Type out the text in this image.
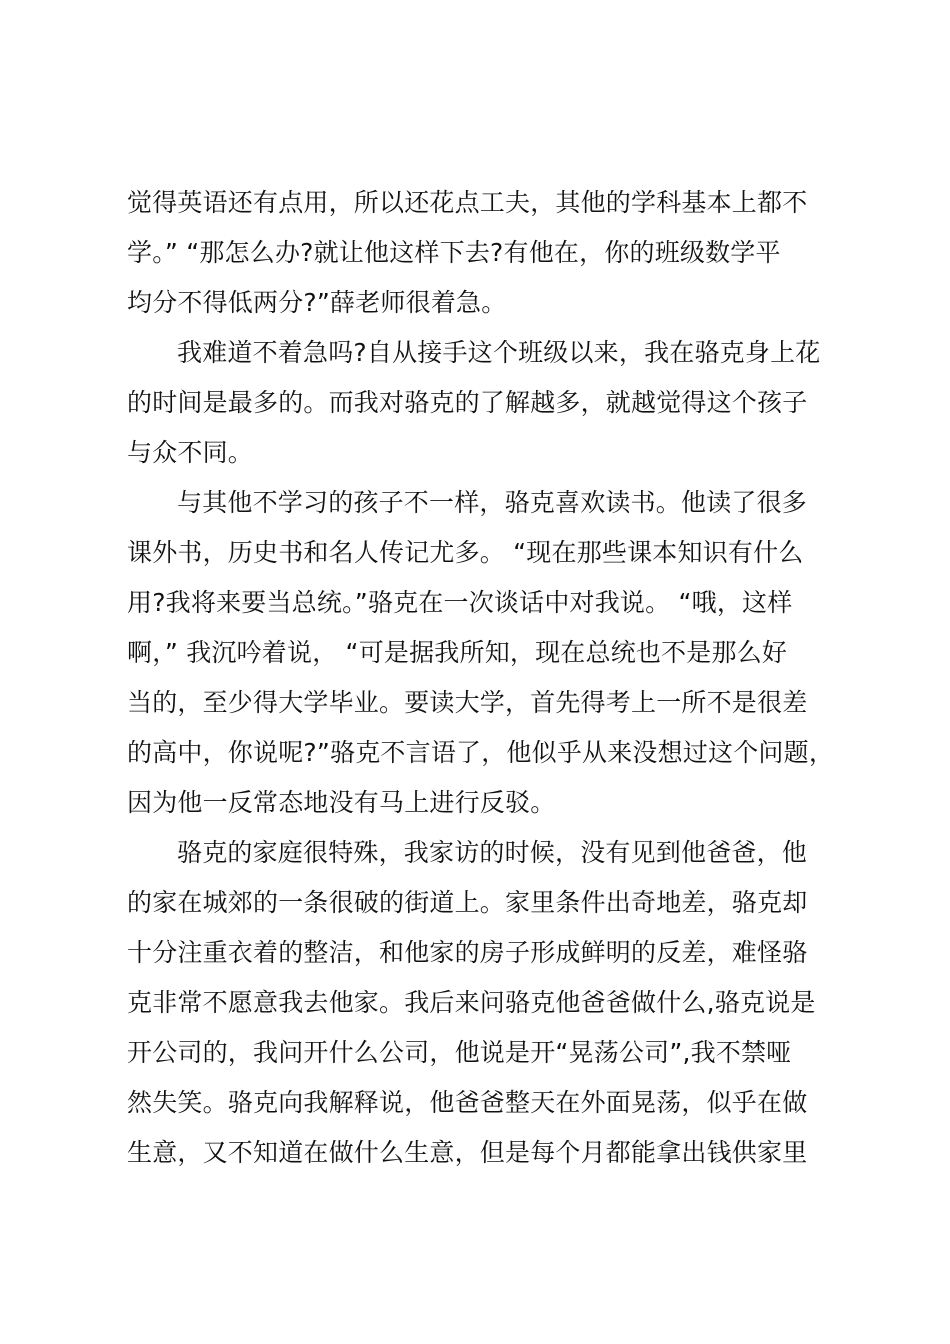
觉得英语还有点用，所以还花点工夫，其他的学科基本上都不
学。” “那怎么办?就让他这样下去?有他在，你的班级数学平
均分不得低两分?”薛老师很着急。
我难道不着急吗?自从接手这个班级以来，我在骆克身上花
的时间是最多的。而我对骆克的了解越多，就越觉得这个孩子
与众不同。
与其他不学习的孩子不一样，骆克喜欢读书。他读了很多
课外书，历史书和名人传记尤多。 “现在那些课本知识有什么
用?我将来要当总统。”骆克在一次谈话中对我说。 “哦，这样
啊，” 我沉吟着说， “可是据我所知，现在总统也不是那么好
当的，至少得大学毕业。要读大学，首先得考上一所不是很差
的高中，你说呢?”骆克不言语了，他似乎从来没想过这个问题，
因为他一反常态地没有马上进行反驳。
骆克的家庭很特殊，我家访的时候，没有见到他爸爸，他
的家在城郊的一条很破的街道上。家里条件出奇地差，骆克却
十分注重衣着的整洁，和他家的房子形成鲜明的反差，难怪骆
克非常不愿意我去他家。我后来问骆克他爸爸做什么,骆克说是
开公司的，我问开什么公司，他说是开“晃荡公司”,我不禁哑
然失笑。骆克向我解释说，他爸爸整天在外面晃荡，似乎在做
生意，又不知道在做什么生意，但是每个月都能拿出钱供家里
